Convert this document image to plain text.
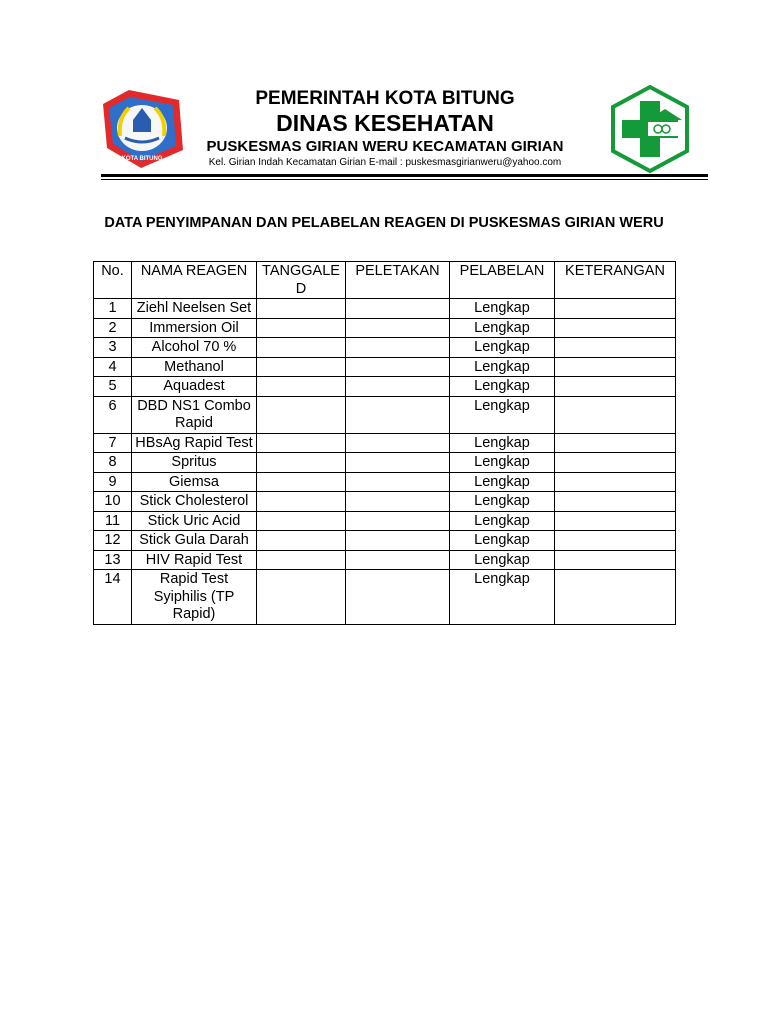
KOTA BITUNG
PEMERINTAH KOTA BITUNG
DINAS KESEHATAN
PUSKESMAS GIRIAN WERU KECAMATAN GIRIAN
Kel. Girian Indah Kecamatan Girian E-mail : puskesmasgirianweru@yahoo.com
DATA PENYIMPANAN DAN PELABELAN REAGEN DI PUSKESMAS GIRIAN WERU
No.	NAMA REAGEN	TANGGALED	PELETAKAN	PELABELAN	KETERANGAN
1	Ziehl Neelsen Set			Lengkap	
2	Immersion Oil			Lengkap	
3	Alcohol 70 %			Lengkap	
4	Methanol			Lengkap	
5	Aquadest			Lengkap	
6	DBD NS1 Combo Rapid			Lengkap	
7	HBsAg Rapid Test			Lengkap	
8	Spritus			Lengkap	
9	Giemsa			Lengkap	
10	Stick Cholesterol			Lengkap	
11	Stick Uric Acid			Lengkap	
12	Stick Gula Darah			Lengkap	
13	HIV Rapid Test			Lengkap	
14	Rapid Test Syiphilis (TP Rapid)			Lengkap	
